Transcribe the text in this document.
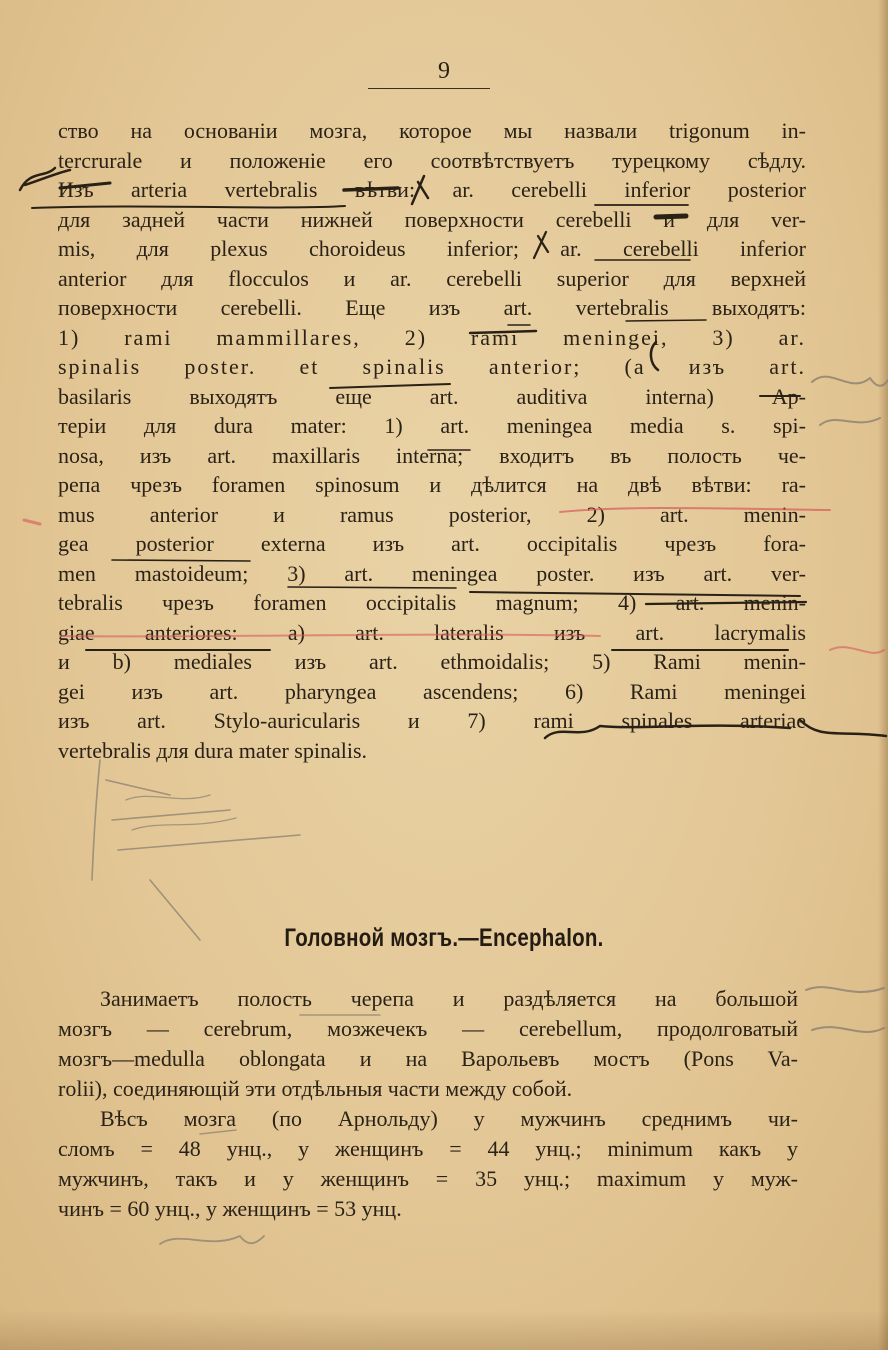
9
ство на основаніи мозга, которое мы назвали trigonum in-
tercrurale и положеніе его соотвѣтствуетъ турецкому сѣдлу.
Изъ arteria vertebralis вѣтви: ar. cerebelli inferior posterior
для задней части нижней поверхности cerebelli и для ver-
mis, для plexus choroideus inferior; ar. cerebelli inferior
anterior для flocculos и ar. cerebelli superior для верхней
поверхности cerebelli. Еще изъ art. vertebralis выходятъ:
1) rami mammillares, 2) rami meningei, 3) ar.
spinalis poster. et spinalis anterior; (а изъ art.
basilaris выходятъ еще art. auditiva interna) Ар-
теріи для dura mater: 1) art. meningea media s. spi-
nosa, изъ art. maxillaris interna; входитъ въ полость че-
репа чрезъ foramen spinosum и дѣлится на двѣ вѣтви: ra-
mus anterior и ramus posterior, 2) art. menin-
gea posterior externa изъ art. occipitalis чрезъ fora-
men mastoideum; 3) art. meningea poster. изъ art. ver-
tebralis чрезъ foramen occipitalis magnum; 4) art. menin-
giae anteriores: a) art. lateralis изъ art. lacrymalis
и b) mediales изъ art. ethmoidalis; 5) Rami menin-
gei изъ art. pharyngea ascendens; 6) Rami meningei
изъ art. Stylo-auricularis и 7) rami spinales arteriae
vertebralis для dura mater spinalis.
Головной мозгъ.—Encephalon.
Занимаетъ полость черепа и раздѣляется на большой
мозгъ — cerebrum, мозжечекъ — cerebellum, продолговатый
мозгъ—medulla oblongata и на Варольевъ мостъ (Pons Va-
rolii), соединяющій эти отдѣльныя части между собой.
Вѣсъ мозга (по Арнольду) у мужчинъ среднимъ чи-
сломъ = 48 унц., у женщинъ = 44 унц.; minimum какъ у
мужчинъ, такъ и у женщинъ = 35 унц.; maximum у муж-
чинъ = 60 унц., у женщинъ = 53 унц.
